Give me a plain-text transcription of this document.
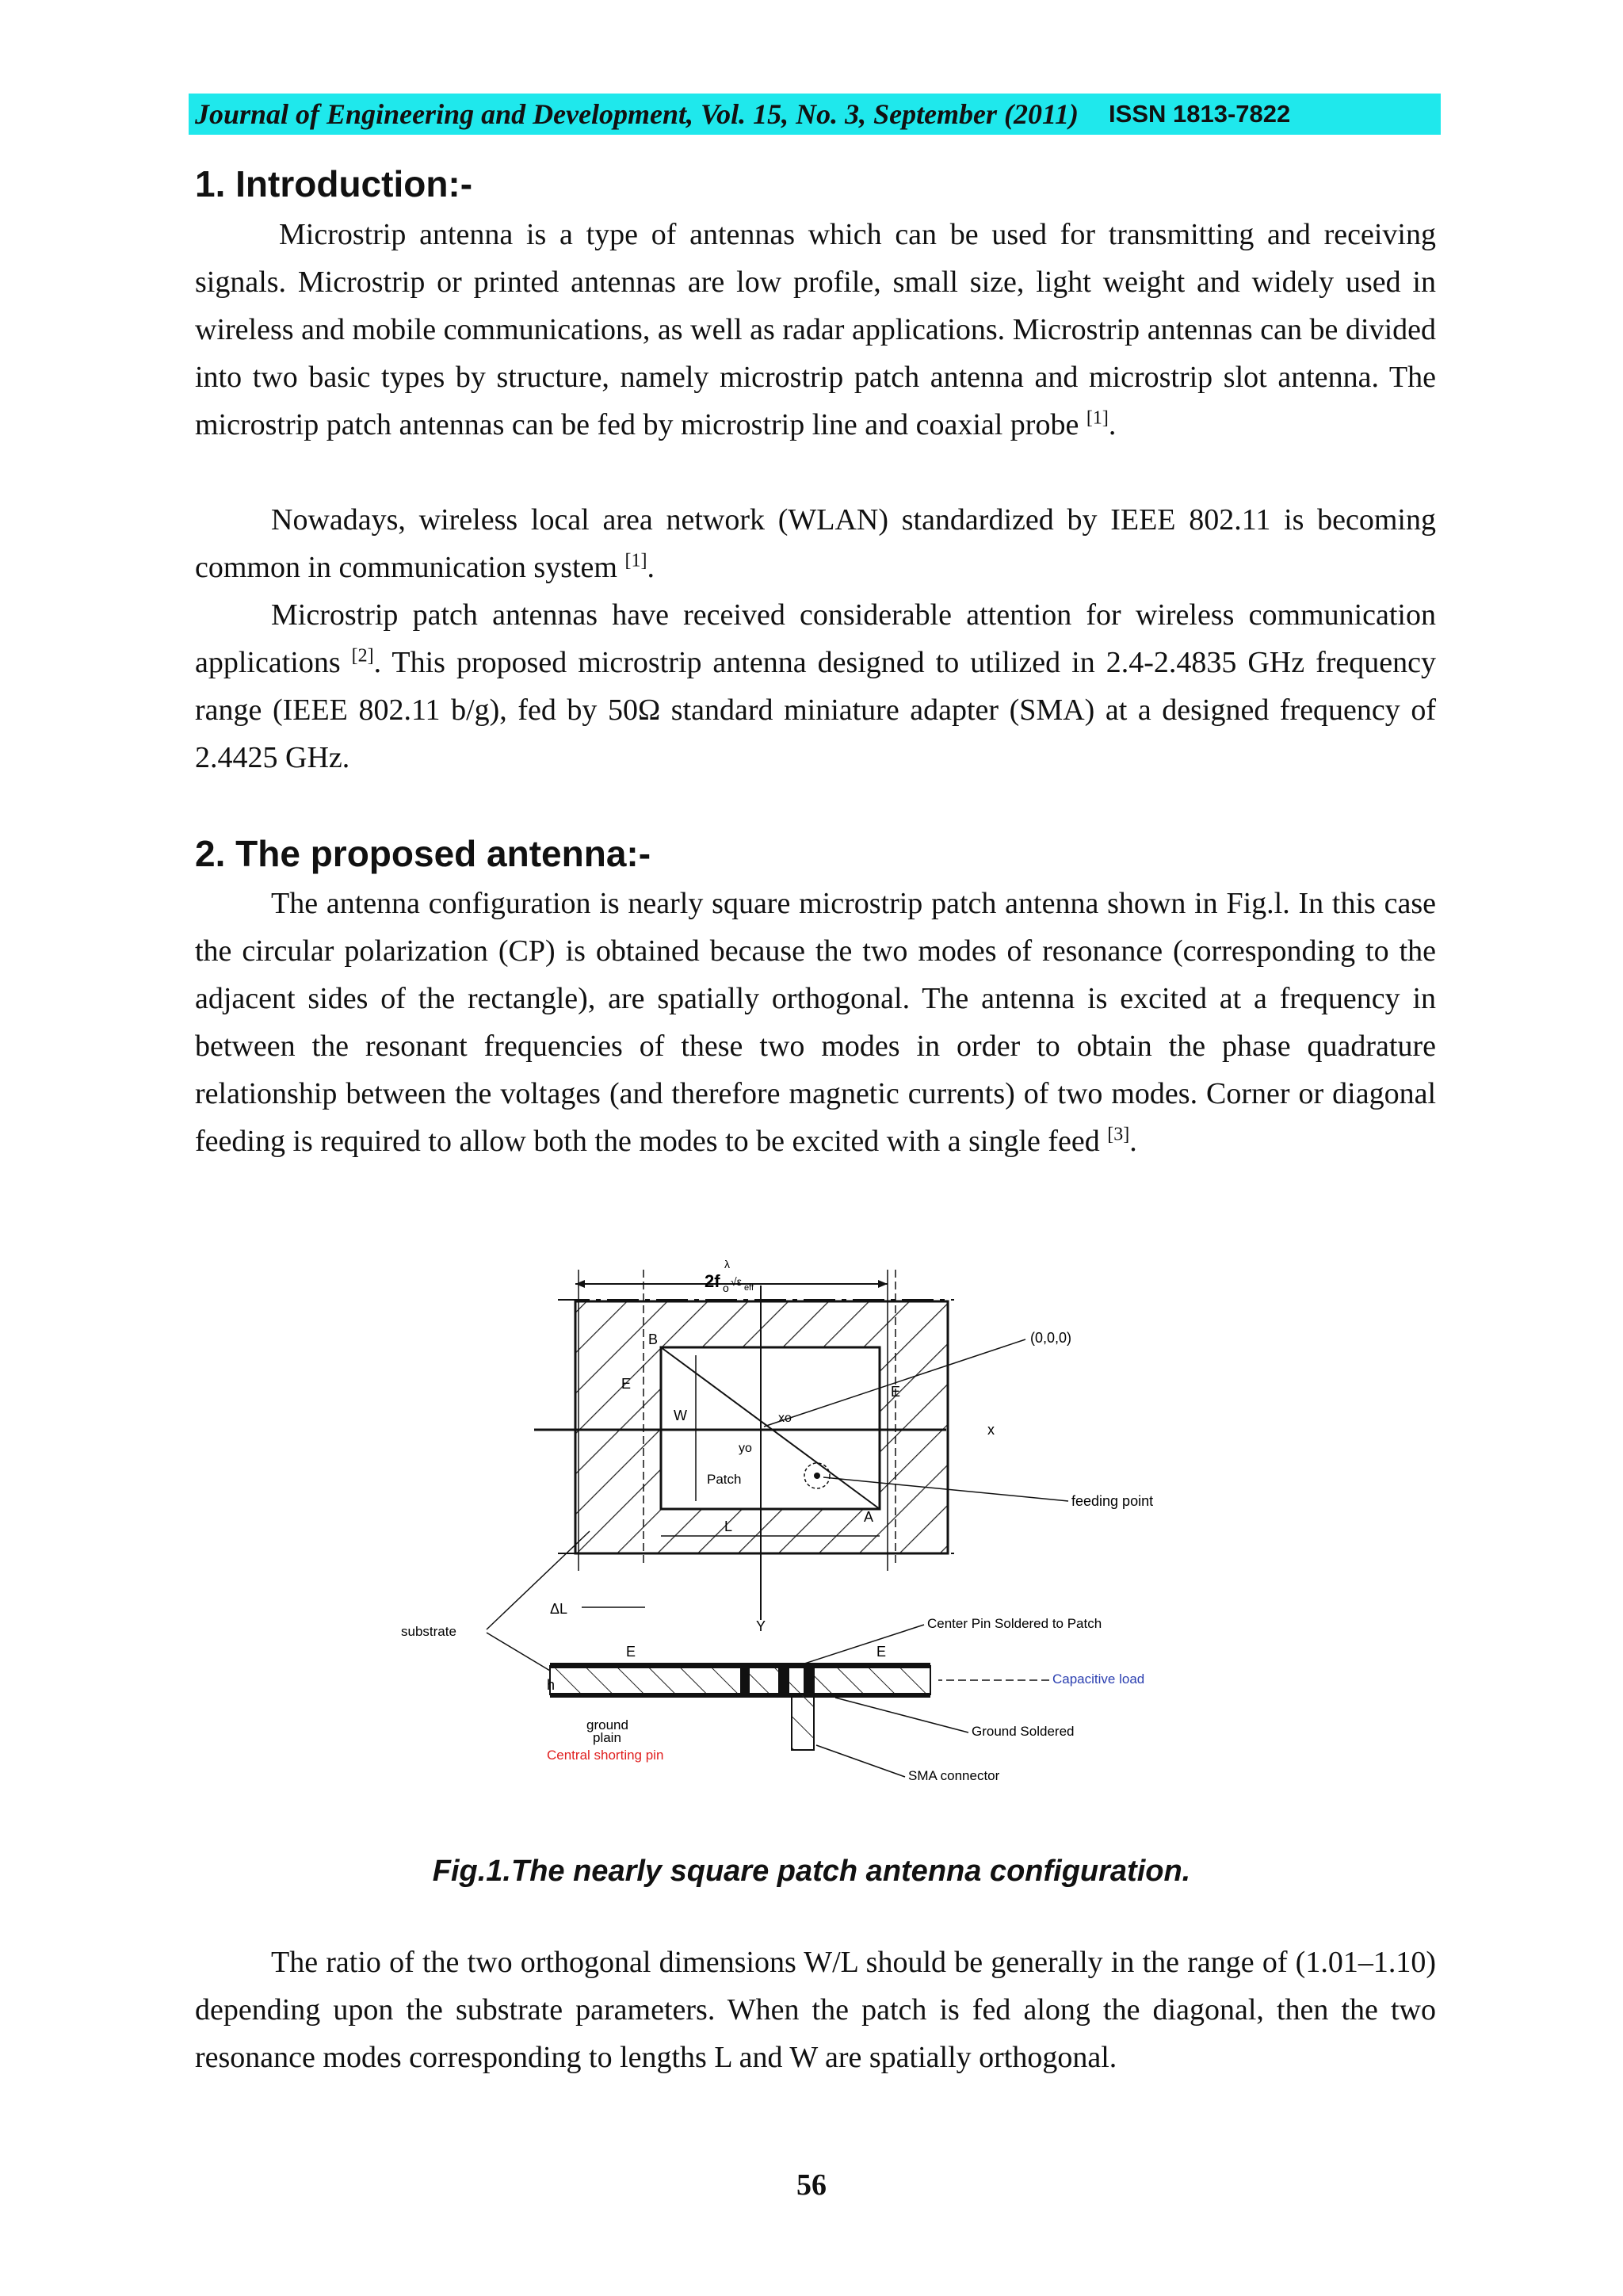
Journal of Engineering and Development, Vol. 15, No. 3, September (2011) ISSN 1813-7822
1. Introduction:-

Microstrip antenna is a type of antennas which can be used for transmitting and receiving signals. Microstrip or printed antennas are low profile, small size, light weight and widely used in wireless and mobile communications, as well as radar applications. Microstrip antennas can be divided into two basic types by structure, namely microstrip patch antenna and microstrip slot antenna. The microstrip patch antennas can be fed by microstrip line and coaxial probe [1].

Nowadays, wireless local area network (WLAN) standardized by IEEE 802.11 is becoming common in communication system [1].

Microstrip patch antennas have received considerable attention for wireless communication applications [2]. This proposed microstrip antenna designed to utilized in 2.4-2.4835 GHz frequency range (IEEE 802.11 b/g), fed by 50Ω standard miniature adapter (SMA) at a designed frequency of 2.4425 GHz.

2. The proposed antenna:-

The antenna configuration is nearly square microstrip patch antenna shown in Fig.l. In this case the circular polarization (CP) is obtained because the two modes of resonance (corresponding to the adjacent sides of the rectangle), are spatially orthogonal. The antenna is excited at a frequency in between the resonant frequencies of these two modes in order to obtain the phase quadrature relationship between the voltages (and therefore magnetic currents) of two modes. Corner or diagonal feeding is required to allow both the modes to be excited with a single feed [3].

λ
2f o √ε eff
x
Y
B
A
E	E
W
Patch
xo
yo
(0,0,0)
feeding point
L
ΔL
substrate
h
E	E
Center Pin Soldered to Patch
Capacitive load
ground
plain
Central shorting pin
Ground Soldered
SMA connector
Fig.1.The nearly square patch antenna configuration.

The ratio of the two orthogonal dimensions W/L should be generally in the range of (1.01–1.10) depending upon the substrate parameters. When the patch is fed along the diagonal, then the two resonance modes corresponding to lengths L and W are spatially orthogonal.

56
